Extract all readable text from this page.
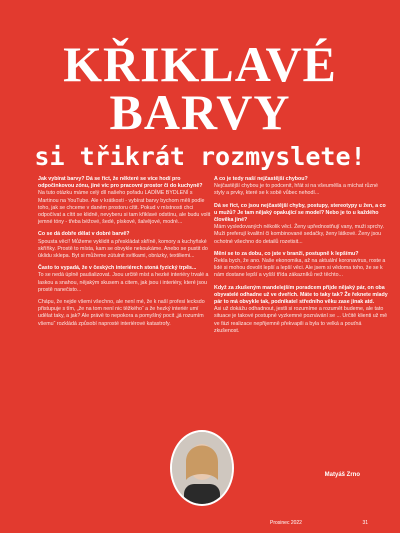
KŘIKLAVÉ
BARVY
si třikrát rozmyslete!

Jak vybírat barvy? Dá se říct, že některé se více hodí pro odpočinkovou zónu, jiné víc pro pracovní prostor či do kuchyně?
Na tuto otázku máme celý díl našeho pořadu LADÍME BYDLENÍ s Martinou na YouTube. Ale v krátkosti - vybírat barvy bychom měli podle toho, jak se chceme v daném prostoru cítit. Pokud v místnosti chci odpočívat a cítit se klidně, nevyberu si tam křiklavé odstínu, ale budu volit jemné tóny - třeba béžové, šedé, pískové, šalvějové, modré...

Co se dá dobře dělat v dobré barvě?
Spousta věcí! Můžeme vyklidit a přeskládat skříně, komory a kuchyňské skříňky. Prostě to místa, kam se obvykle nekoukáme. Anebo se pustit do úklidu sklepa. Byt si můžeme zútulnit svítkami, obrázky, textiliemi...

Často to vypadá, že v českých interiérech stoná fyzický trpěs...
To se nedá úplně paušalizovat. Jsou určitě míst a hezké interiéry trvalé a laskou a snahou, nějakým skusem a citem, jak jsou i interiéry, které jsou prostě nanečisto...

Chápu, že nejde všemi všechno, ale není mé, že k naší profesi lecksdo přistupuje s tím, „že na tom není nic těžkého“ a že hezký interiér umí udělat taky, a jak? Ale právě to nepokora a pomyšlný pocit „já rozumím všemu“ rozkládá způsobí naprosté interiérové katastrofy.

A co je tedy naší nejčastější chybou?
Nejčastější chybou je to podcenit, hřát si na všeumělla a míchat různé styly a prvky, které se k sobě vůbec nehodí...

Dá se říct, co jsou nejčastější chyby, postupy, stereotypy u žen, a co u mužů? Je tam nějaký opakující se model? Nebo je to u každého člověka jiné?
Mám vysledovaných několik věcí. Ženy upřednostňují vany, muži sprchy. Muži preferují kvalitní či kombinované sedačky, ženy látkové. Ženy jsou ochotné všechno do detailů rozetisit...

Mění se to za dobu, co jste v branži, postupně k lepšímu?
Řekla bych, že ano. Naše ekonomika, až na aktuální koronavirus, roste a lidé si mohou dovolit lepší a lepší věci. Ale jsem si vědoma toho, že se k nám dostane lepší a vyšší třída zákazníků než těchto...

Když za zkušeným mandelejším poradcem přijde nějaký pár, on oba obyvatelé odhadne už ve dveřích. Máte to taky tak? Že řeknete mlady pár to má obvykle tak, podnikatel středního věku zase jinak atd.
Asi už dokážu odhadnout, jestli si rozumíme a rozumět budeme, ale tato situace je takové postupné vyzkemné poznávání se ... Určitě klienti už mě ve fázi realizace nepřijemně překvapili a byla to velká a pouťná zkušenost.

Matyáš Zrno
Prosinec 2022	31
